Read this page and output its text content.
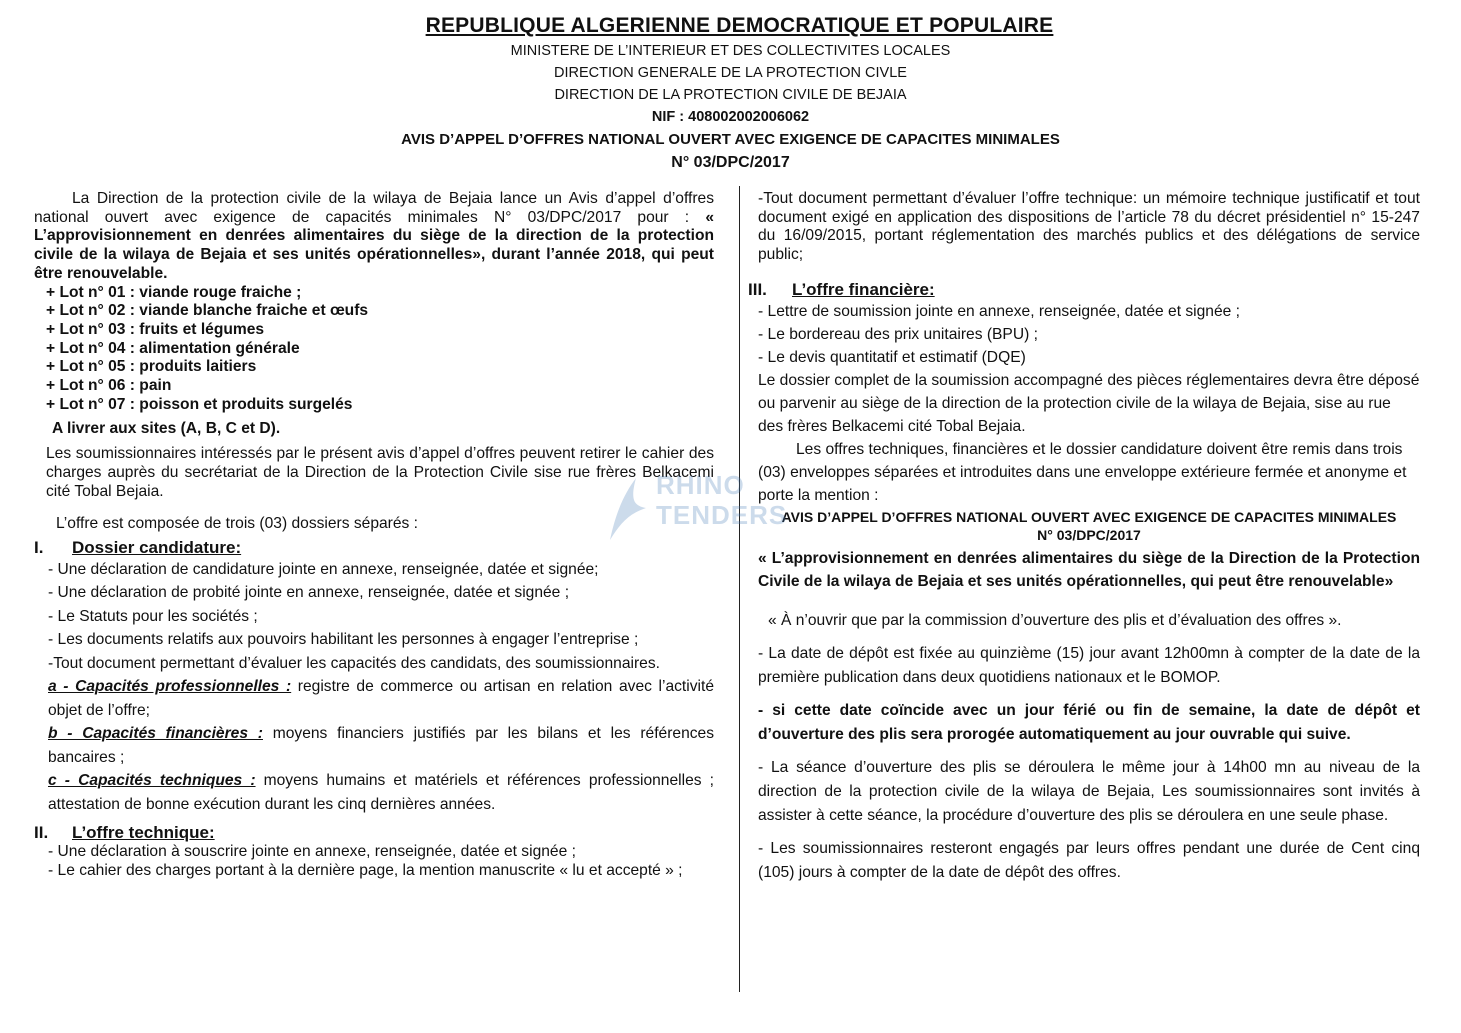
REPUBLIQUE ALGERIENNE DEMOCRATIQUE ET POPULAIRE
MINISTERE DE L’INTERIEUR ET DES COLLECTIVITES LOCALES
DIRECTION GENERALE DE LA PROTECTION CIVLE
DIRECTION DE LA PROTECTION CIVILE DE BEJAIA
NIF : 408002002006062
AVIS D’APPEL D’OFFRES NATIONAL OUVERT AVEC EXIGENCE DE CAPACITES MINIMALES
N° 03/DPC/2017

La Direction de la protection civile de la wilaya de Bejaia lance un Avis d’appel d’offres national ouvert avec exigence de capacités minimales N° 03/DPC/2017 pour : « L’approvisionnement en denrées alimentaires du siège de la direction de la protection civile de la wilaya de Bejaia et ses unités opérationnelles», durant l’année 2018, qui peut être renouvelable.

+ Lot n° 01 : viande rouge fraiche ;
+ Lot n° 02 : viande blanche fraiche et œufs
+ Lot n° 03 : fruits et légumes
+ Lot n° 04 : alimentation générale
+ Lot n° 05 : produits laitiers
+ Lot n° 06 : pain
+ Lot n° 07 : poisson et produits surgelés

A livrer aux sites (A, B, C et D).

Les soumissionnaires intéressés par le présent avis d’appel d’offres peuvent retirer le cahier des charges auprès du secrétariat de la Direction de la Protection Civile sise rue frères Belkacemi cité Tobal Bejaia.

L’offre est composée de trois (03) dossiers séparés :

I.	Dossier candidature:
- Une déclaration de candidature jointe en annexe, renseignée, datée et signée;
- Une déclaration de probité jointe en annexe, renseignée, datée et signée ;
- Le Statuts pour les sociétés ;
- Les documents relatifs aux pouvoirs habilitant les personnes à engager l’entreprise ;
-Tout document permettant d’évaluer les capacités des candidats, des soumissionnaires.
a - Capacités professionnelles : registre de commerce ou artisan en relation avec l’activité objet de l’offre;
b - Capacités financières : moyens financiers justifiés par les bilans et les références bancaires ;
c - Capacités techniques : moyens humains et matériels et références professionnelles ; attestation de bonne exécution durant les cinq dernières années.
II.	L’offre technique:
- Une déclaration à souscrire jointe en annexe, renseignée, datée et signée ;
- Le cahier des charges portant à la dernière page, la mention manuscrite « lu et accepté » ;

-Tout document permettant d’évaluer l’offre technique: un mémoire technique justificatif et tout document exigé en application des dispositions de l’article 78 du décret présidentiel n° 15-247 du 16/09/2015, portant réglementation des marchés publics et des délégations de service public;

III.	L’offre financière:
- Lettre de soumission jointe en annexe, renseignée, datée et signée ;
- Le bordereau des prix unitaires (BPU) ;
- Le devis quantitatif et estimatif (DQE)
Le dossier complet de la soumission accompagné des pièces réglementaires devra être déposé ou parvenir au siège de la direction de la protection civile de la wilaya de Bejaia, sise au rue des frères Belkacemi cité Tobal Bejaia.
Les offres techniques, financières et le dossier candidature doivent être remis dans trois (03) enveloppes séparées et introduites dans une enveloppe extérieure fermée et anonyme et porte la mention :
AVIS D’APPEL D’OFFRES NATIONAL OUVERT AVEC EXIGENCE DE CAPACITES MINIMALES
N° 03/DPC/2017

« L’approvisionnement en denrées alimentaires du siège de la Direction de la Protection Civile de la wilaya de Bejaia et ses unités opérationnelles, qui peut être renouvelable»

« À n’ouvrir que par la commission d’ouverture des plis et d’évaluation des offres ».

- La date de dépôt est fixée au quinzième (15) jour avant 12h00mn à compter de la date de la première publication dans deux quotidiens nationaux et le BOMOP.

- si cette date coïncide avec un jour férié ou fin de semaine, la date de dépôt et d’ouverture des plis sera prorogée automatiquement au jour ouvrable qui suive.

- La séance d’ouverture des plis se déroulera le même jour à 14h00 mn au niveau de la direction de la protection civile de la wilaya de Bejaia, Les soumissionnaires sont invités à assister à cette séance, la procédure d’ouverture des plis se déroulera en une seule phase.

- Les soumissionnaires resteront engagés par leurs offres pendant une durée de Cent cinq (105) jours à compter de la date de dépôt des offres.

RHINO
TENDERS
